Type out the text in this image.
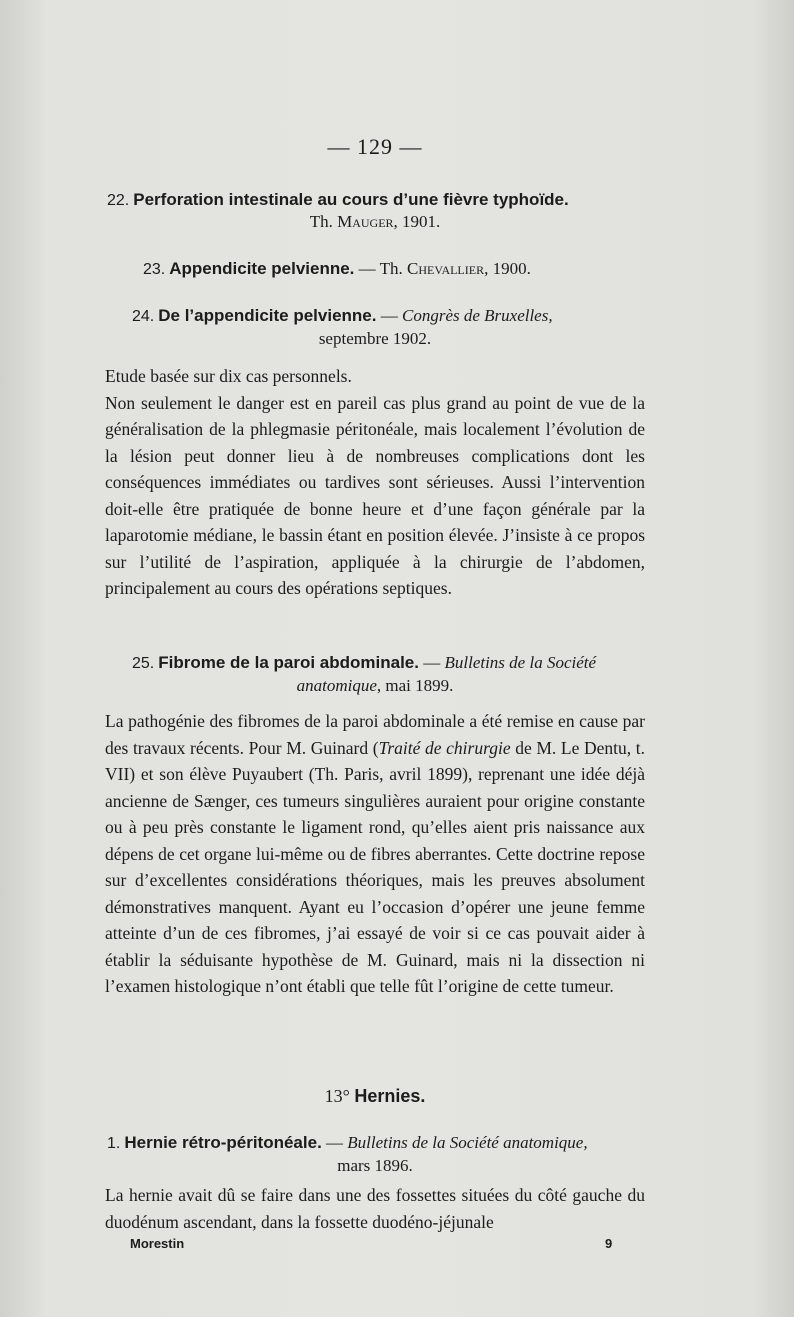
— 129 —
22. Perforation intestinale au cours d’une fièvre typhoïde.
Th. Mauger, 1901.
23. Appendicite pelvienne. — Th. Chevallier, 1900.
24. De l’appendicite pelvienne. — Congrès de Bruxelles,
septembre 1902.

Etude basée sur dix cas personnels.

Non seulement le danger est en pareil cas plus grand au point de vue de la généralisation de la phlegmasie péritonéale, mais localement l’évolution de la lésion peut donner lieu à de nombreuses complications dont les conséquences immédiates ou tardives sont sérieuses. Aussi l’intervention doit-elle être pratiquée de bonne heure et d’une façon générale par la laparotomie médiane, le bassin étant en position élevée. J’insiste à ce propos sur l’utilité de l’aspiration, appliquée à la chirurgie de l’abdomen, principalement au cours des opérations septiques.

25. Fibrome de la paroi abdominale. — Bulletins de la Société
anatomique, mai 1899.

La pathogénie des fibromes de la paroi abdominale a été remise en cause par des travaux récents. Pour M. Guinard (Traité de chirurgie de M. Le Dentu, t. VII) et son élève Puyaubert (Th. Paris, avril 1899), reprenant une idée déjà ancienne de Sænger, ces tumeurs singulières auraient pour origine constante ou à peu près constante le ligament rond, qu’elles aient pris naissance aux dépens de cet organe lui-même ou de fibres aberrantes. Cette doctrine repose sur d’excellentes considérations théoriques, mais les preuves absolument démonstratives manquent. Ayant eu l’occasion d’opérer une jeune femme atteinte d’un de ces fibromes, j’ai essayé de voir si ce cas pouvait aider à établir la séduisante hypothèse de M. Guinard, mais ni la dissection ni l’examen histologique n’ont établi que telle fût l’origine de cette tumeur.

13° Hernies.
1. Hernie rétro-péritonéale. — Bulletins de la Société anatomique,
mars 1896.

La hernie avait dû se faire dans une des fossettes situées du côté gauche du duodénum ascendant, dans la fossette duodéno-jéjunale

Morestin	9
